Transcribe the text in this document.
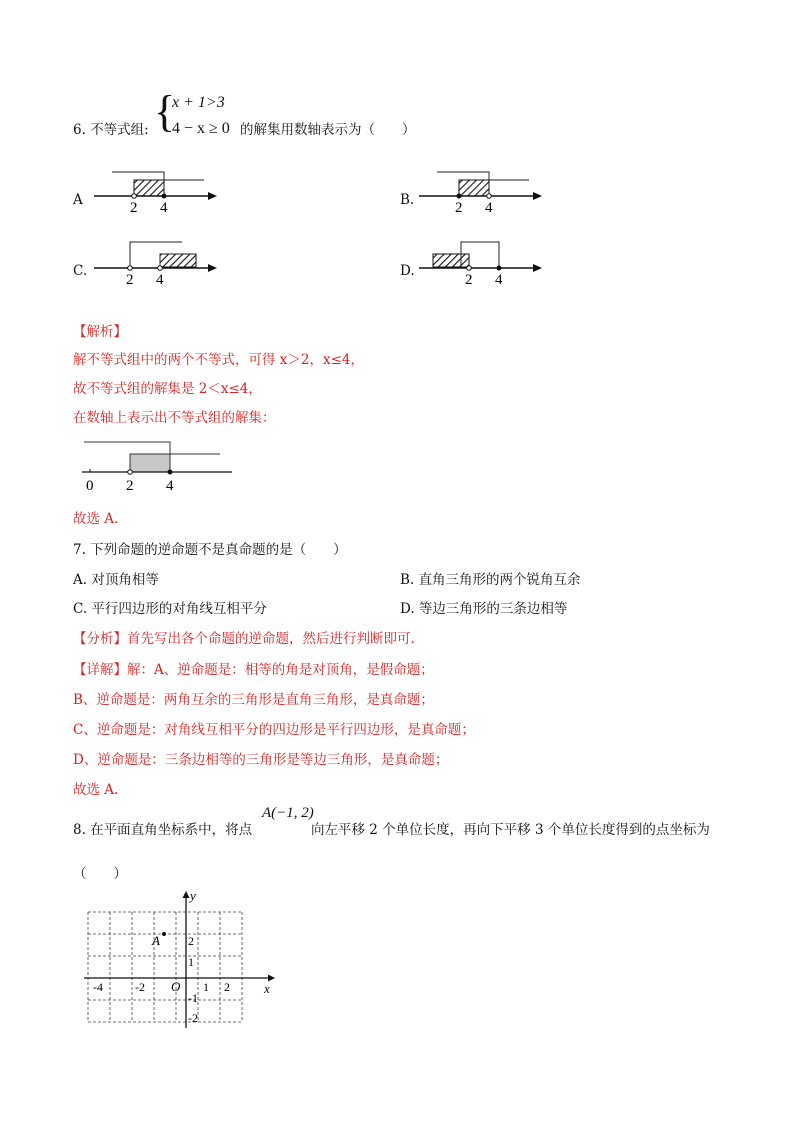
6. 不等式组: {
x + 1>3
4 − x ≥ 0 的解集用数轴表示为（　　）
A	2 4	B.	2 4
C.
2 4
D.
2 4
【解析】
解不等式组中的两个不等式，可得 x＞2，x≤4，
故不等式组的解集是 2＜x≤4，
在数轴上表示出不等式组的解集：
0 2 4
故选 A.
7. 下列命题的逆命题不是真命题的是（　　）
A. 对顶角相等	B. 直角三角形的两个锐角互余
C. 平行四边形的对角线互相平分	D. 等边三角形的三条边相等
【分析】首先写出各个命题的逆命题，然后进行判断即可.
【详解】解：A、逆命题是：相等的角是对顶角，是假命题；
B、逆命题是：两角互余的三角形是直角三角形，是真命题；
C、逆命题是：对角线互相平分的四边形是平行四边形，是真命题；
D、逆命题是：三条边相等的三角形是等边三角形，是真命题；
故选 A.
8. 在平面直角坐标系中，将点
A(−1, 2)
向左平移 2 个单位长度，再向下平移 3 个单位长度得到的点坐标为
（　　）
x
y
O
A
-4	-2	1 2
2
1
-1
-2
